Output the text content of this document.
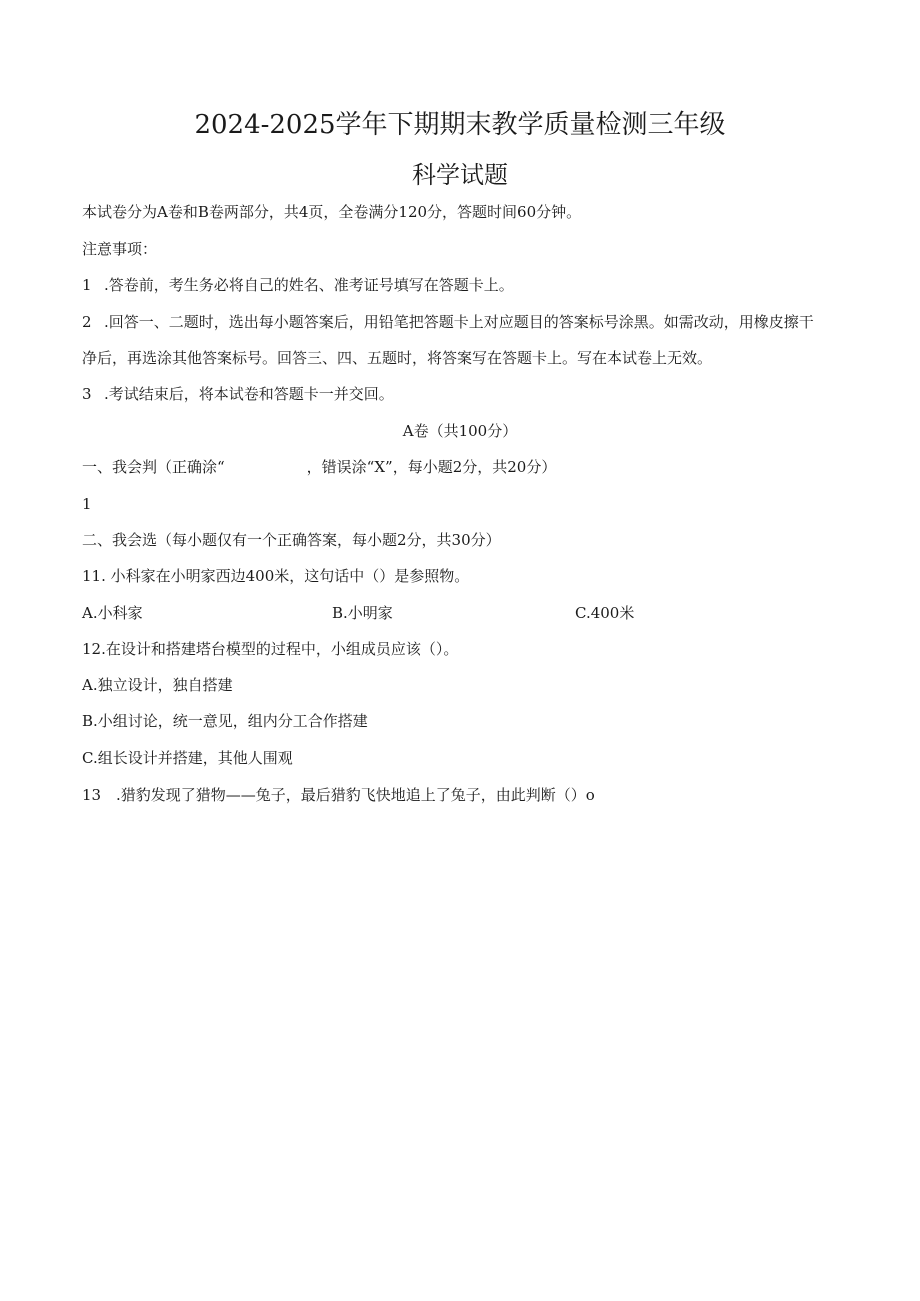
2024-2025学年下期期末教学质量检测三年级
科学试题
本试卷分为A卷和B卷两部分，共4页，全卷满分120分，答题时间60分钟。
注意事项：
1 .答卷前，考生务必将自己的姓名、准考证号填写在答题卡上。
2 .回答一、二题时，选出每小题答案后，用铅笔把答题卡上对应题目的答案标号涂黑。如需改动，用橡皮擦干
净后，再选涂其他答案标号。回答三、四、五题时，将答案写在答题卡上。写在本试卷上无效。
3 .考试结束后，将本试卷和答题卡一并交回。
A卷（共100分）
一、我会判（正确涂“	，错误涂“X”，每小题2分，共20分）
1
二、我会选（每小题仅有一个正确答案，每小题2分，共30分）
11. 小科家在小明家西边400米，这句话中（）是参照物。
A.小科家	B.小明家	C.400米
12.在设计和搭建塔台模型的过程中，小组成员应该（）。
A.独立设计，独自搭建
B.小组讨论，统一意见，组内分工合作搭建
C.组长设计并搭建，其他人围观
13 .猎豹发现了猎物——兔子，最后猎豹飞快地追上了兔子，由此判断（）o
